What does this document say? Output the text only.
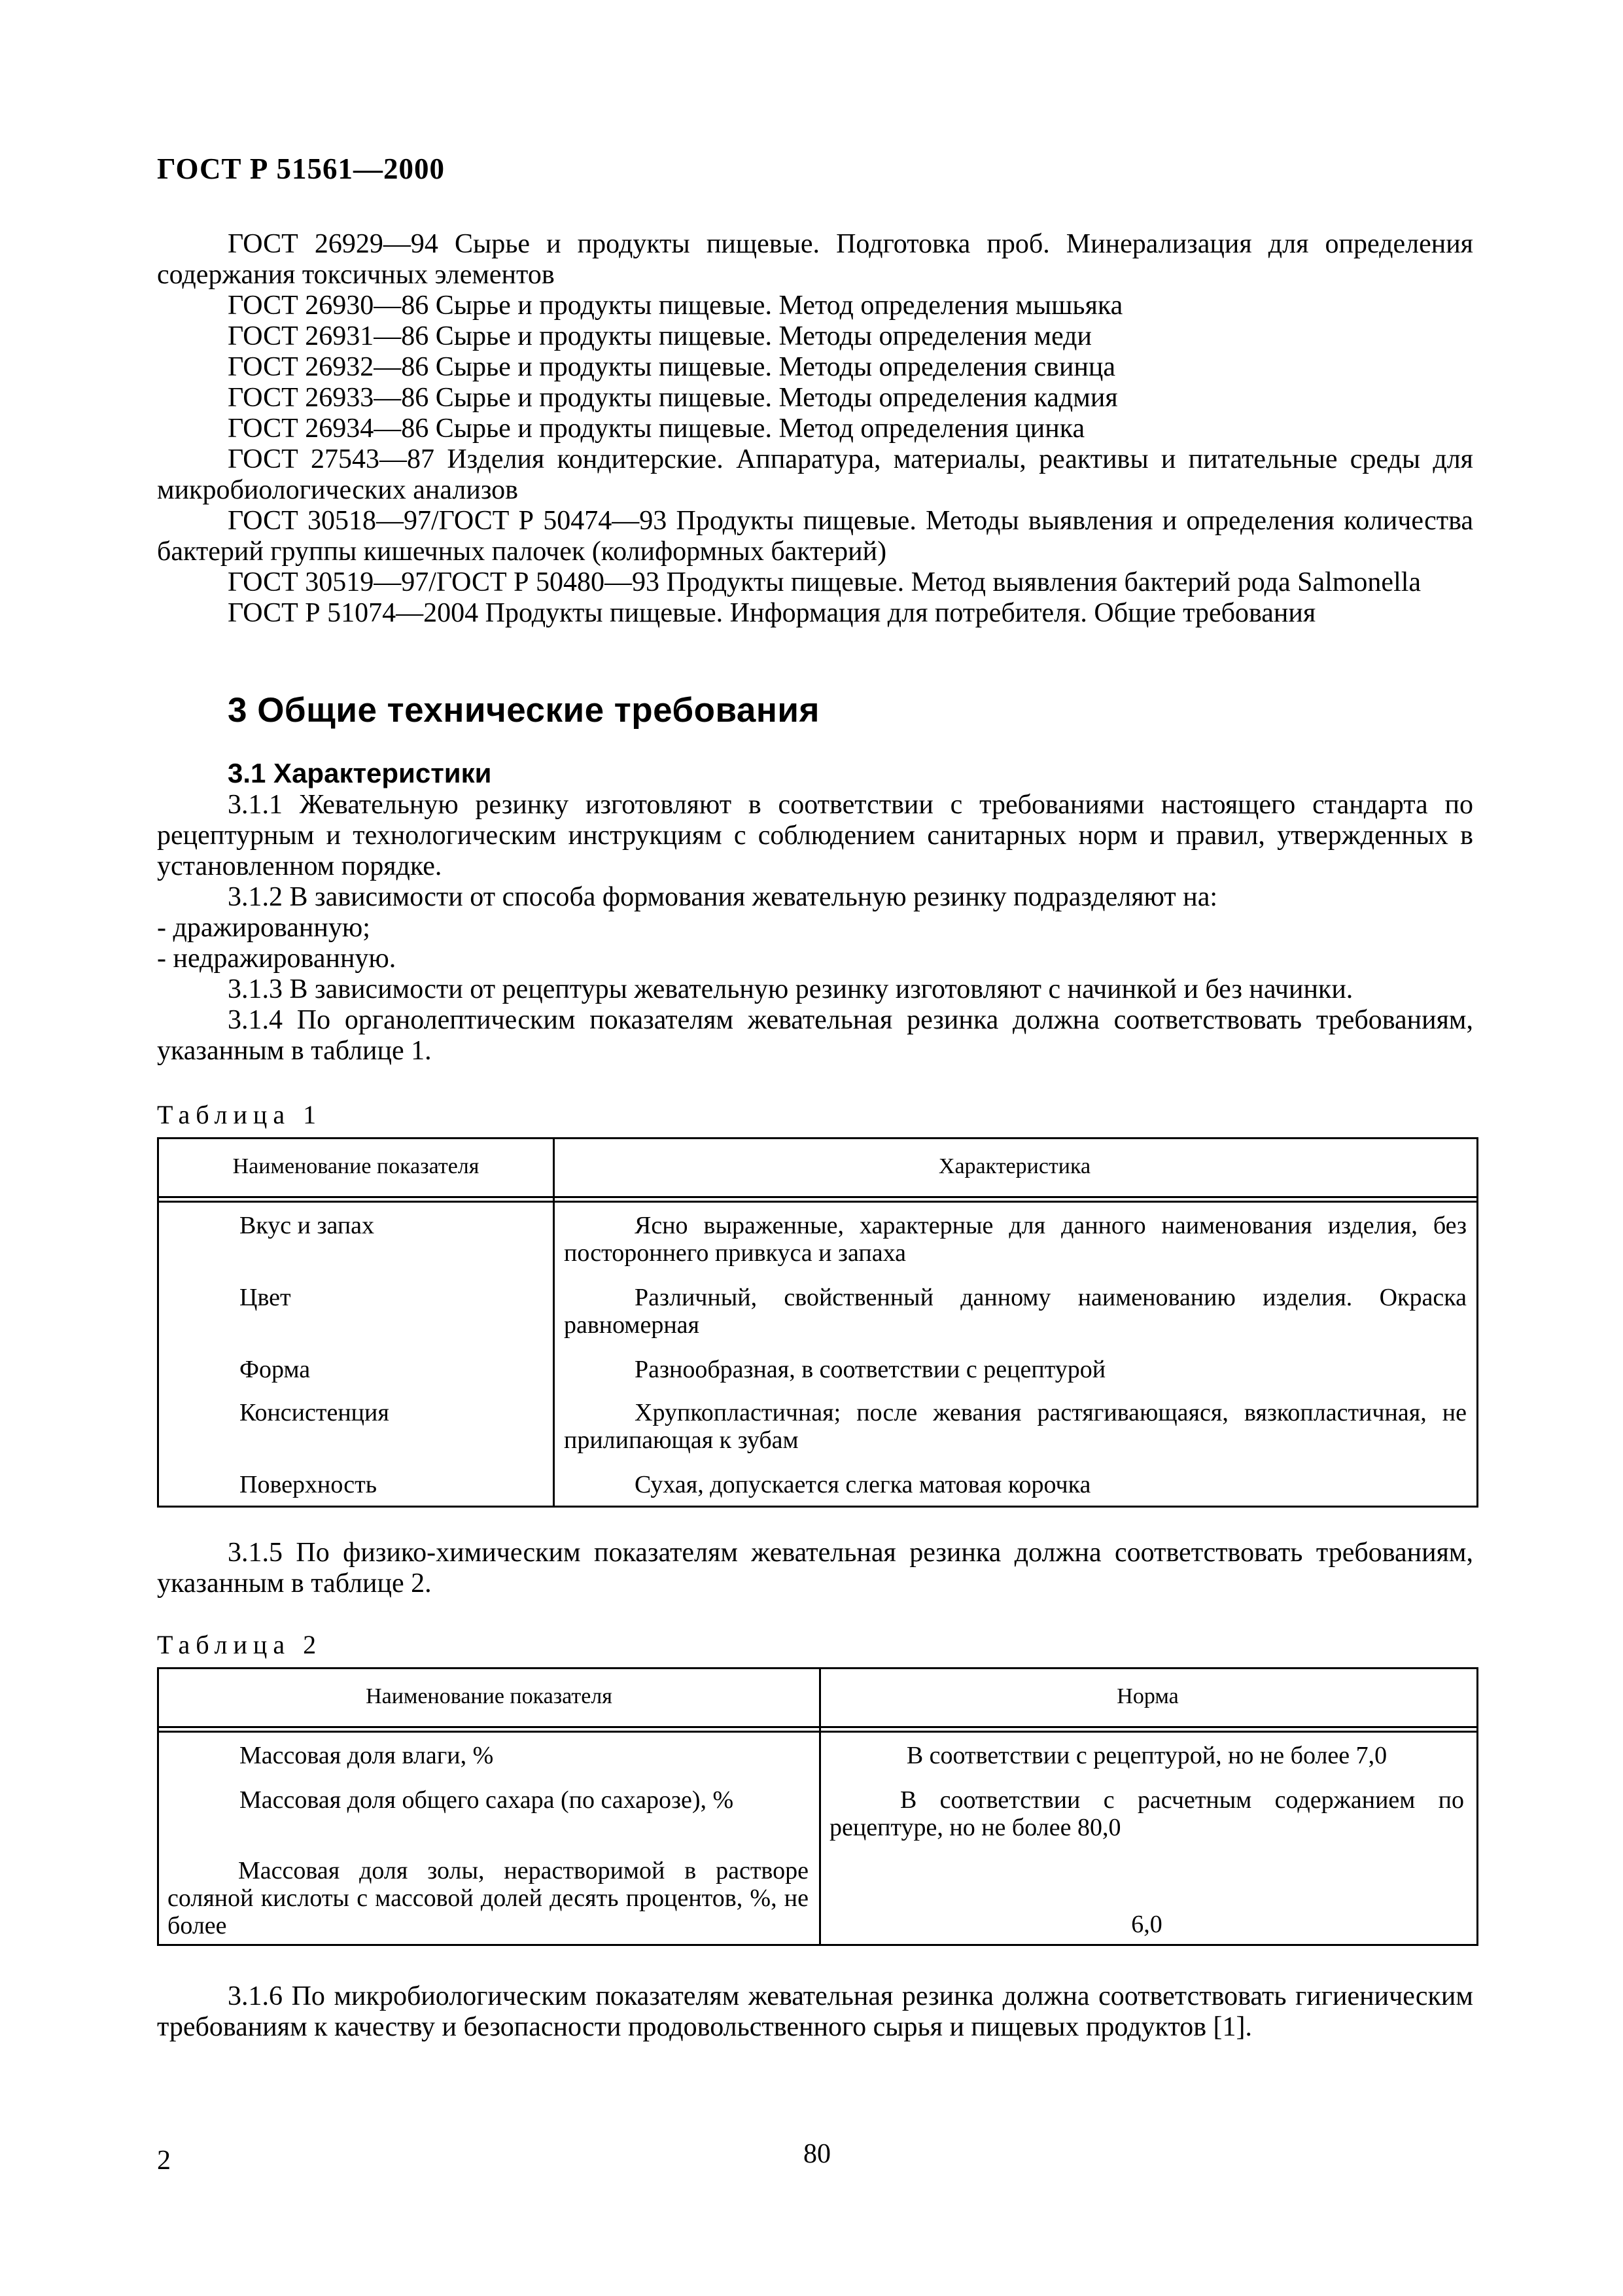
ГОСТ Р 51561—2000

ГОСТ 26929—94 Сырье и продукты пищевые. Подготовка проб. Минерализация для определения содержания токсичных элементов

ГОСТ 26930—86 Сырье и продукты пищевые. Метод определения мышьяка

ГОСТ 26931—86 Сырье и продукты пищевые. Методы определения меди

ГОСТ 26932—86 Сырье и продукты пищевые. Методы определения свинца

ГОСТ 26933—86 Сырье и продукты пищевые. Методы определения кадмия

ГОСТ 26934—86 Сырье и продукты пищевые. Метод определения цинка

ГОСТ 27543—87 Изделия кондитерские. Аппаратура, материалы, реактивы и питательные среды для микробиологических анализов

ГОСТ 30518—97/ГОСТ Р 50474—93 Продукты пищевые. Методы выявления и определения количества бактерий группы кишечных палочек (колиформных бактерий)

ГОСТ 30519—97/ГОСТ Р 50480—93 Продукты пищевые. Метод выявления бактерий рода Salmonella

ГОСТ Р 51074—2004 Продукты пищевые. Информация для потребителя. Общие требования

3 Общие технические требования
3.1 Характеристики

3.1.1 Жевательную резинку изготовляют в соответствии с требованиями настоящего стандарта по рецептурным и технологическим инструкциям с соблюдением санитарных норм и правил, утвержденных в установленном порядке.

3.1.2 В зависимости от способа формования жевательную резинку подразделяют на:

- дражированную;

- недражированную.

3.1.3 В зависимости от рецептуры жевательную резинку изготовляют с начинкой и без начинки.

3.1.4 По органолептическим показателям жевательная резинка должна соответствовать требованиям, указанным в таблице 1.

Таблица 1
Наименование показателя	Характеристика
Вкус и запах	Ясно выраженные, характерные для данного наименования изделия, без постороннего привкуса и запаха
Цвет	Различный, свойственный данному наименованию изделия. Окраска равномерная
Форма	Разнообразная, в соответствии с рецептурой
Консистенция	Хрупкопластичная; после жевания растягивающаяся, вязкопластичная, не прилипающая к зубам
Поверхность	Сухая, допускается слегка матовая корочка

3.1.5 По физико-химическим показателям жевательная резинка должна соответствовать требованиям, указанным в таблице 2.

Таблица 2
Наименование показателя	Норма
Массовая доля влаги, %	В соответствии с рецептурой, но не более 7,0
Массовая доля общего сахара (по сахарозе), %	В соответствии с расчетным содержанием по рецептуре, но не более 80,0
Массовая доля золы, нерастворимой в растворе соляной кислоты с массовой долей десять процентов, %, не более	6,0

3.1.6 По микробиологическим показателям жевательная резинка должна соответствовать гигиеническим требованиям к качеству и безопасности продовольственного сырья и пищевых продуктов [1].

2	80
